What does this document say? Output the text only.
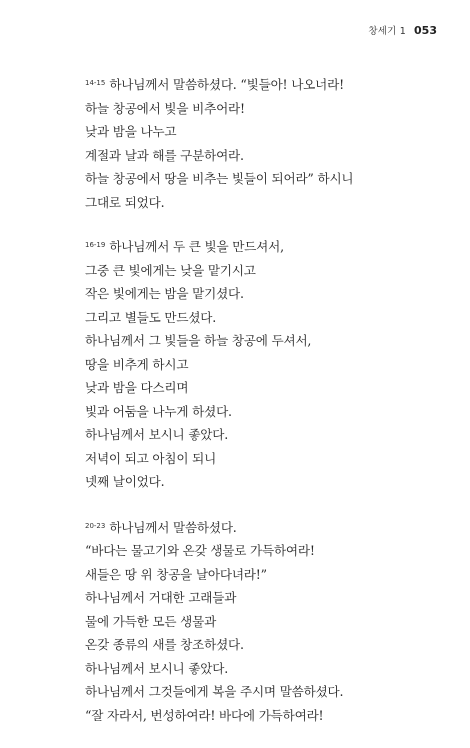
창세기 1 053
$^{14-15}$ 하나님께서 말씀하셨다. “빛들아! 나오너라!
하늘 창공에서 빛을 비추어라!
낮과 밤을 나누고
계절과 날과 해를 구분하여라.
하늘 창공에서 땅을 비추는 빛들이 되어라” 하시니
그대로 되었다.
$^{16-19}$ 하나님께서 두 큰 빛을 만드셔서,
그중 큰 빛에게는 낮을 맡기시고
작은 빛에게는 밤을 맡기셨다.
그리고 별들도 만드셨다.
하나님께서 그 빛들을 하늘 창공에 두셔서,
땅을 비추게 하시고
낮과 밤을 다스리며
빛과 어둠을 나누게 하셨다.
하나님께서 보시니 좋았다.
저녁이 되고 아침이 되니
넷째 날이었다.
$^{20-23}$ 하나님께서 말씀하셨다.
“바다는 물고기와 온갖 생물로 가득하여라!
새들은 땅 위 창공을 날아다녀라!”
하나님께서 거대한 고래들과
물에 가득한 모든 생물과
온갖 종류의 새를 창조하셨다.
하나님께서 보시니 좋았다.
하나님께서 그것들에게 복을 주시며 말씀하셨다.
“잘 자라서, 번성하여라! 바다에 가득하여라!
